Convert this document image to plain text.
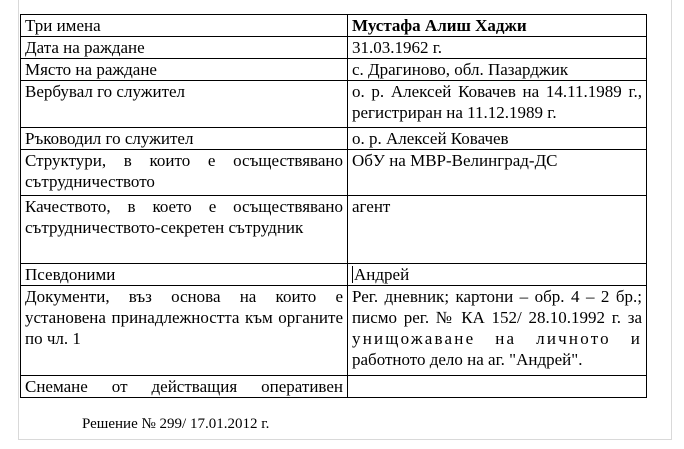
Три имена	Мустафа Алиш Хаджи
Дата на раждане	31.03.1962 г.
Място на раждане	с. Драгиново, обл. Пазарджик
Вербувал го служител	о. р. Алексей Ковачев на 14.11.1989 г., регистриран на 11.12.1989 г.
Ръководил го служител	о. р. Алексей Ковачев
Структури, в които е осъществявано сътрудничеството	ОбУ на МВР-Велинград-ДС
Качеството, в което е осъществявано сътрудничеството-секретен сътрудник	агент
Псевдоними	Андрей
Документи, въз основа на които е установена принадлежността към органите по чл. 1	Рег. дневник; картони – обр. 4 – 2 бр.;
писмо рег. № КА 152/ 28.10.1992 г. за
унищожаване на личното и
работното дело на аг. "Андрей".

Снемане от действащия оперативен	
Решение № 299/ 17.01.2012 г.
